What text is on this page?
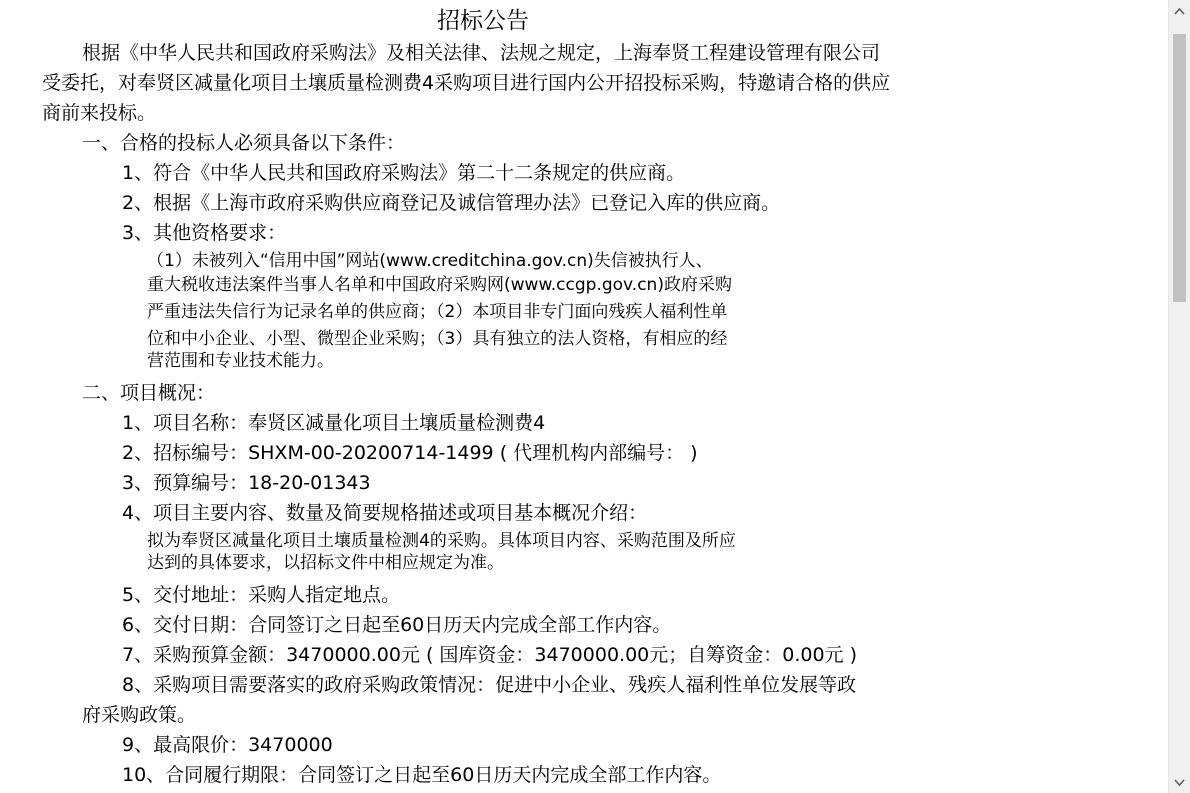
招标公告
根据《中华人民共和国政府采购法》及相关法律、法规之规定，上海奉贤工程建设管理有限公司
受委托，对奉贤区减量化项目土壤质量检测费4采购项目进行国内公开招投标采购，特邀请合格的供应
商前来投标。
一、合格的投标人必须具备以下条件：
1、符合《中华人民共和国政府采购法》第二十二条规定的供应商。
2、根据《上海市政府采购供应商登记及诚信管理办法》已登记入库的供应商。
3、其他资格要求：
（1）未被列入“信用中国”网站(www.creditchina.gov.cn)失信被执行人、
重大税收违法案件当事人名单和中国政府采购网(www.ccgp.gov.cn)政府采购
严重违法失信行为记录名单的供应商；（2）本项目非专门面向残疾人福利性单
位和中小企业、小型、微型企业采购；（3）具有独立的法人资格，有相应的经
营范围和专业技术能力。
二、项目概况：
1、项目名称：奉贤区减量化项目土壤质量检测费4
2、招标编号：SHXM-00-20200714-1499 ( 代理机构内部编号： )
3、预算编号：18-20-01343
4、项目主要内容、数量及简要规格描述或项目基本概况介绍：
拟为奉贤区减量化项目土壤质量检测4的采购。具体项目内容、采购范围及所应
达到的具体要求，以招标文件中相应规定为准。
5、交付地址：采购人指定地点。
6、交付日期：合同签订之日起至60日历天内完成全部工作内容。
7、采购预算金额：3470000.00元 ( 国库资金：3470000.00元；自筹资金：0.00元 )
8、采购项目需要落实的政府采购政策情况：促进中小企业、残疾人福利性单位发展等政
府采购政策。
9、最高限价：3470000
10、合同履行期限：合同签订之日起至60日历天内完成全部工作内容。
